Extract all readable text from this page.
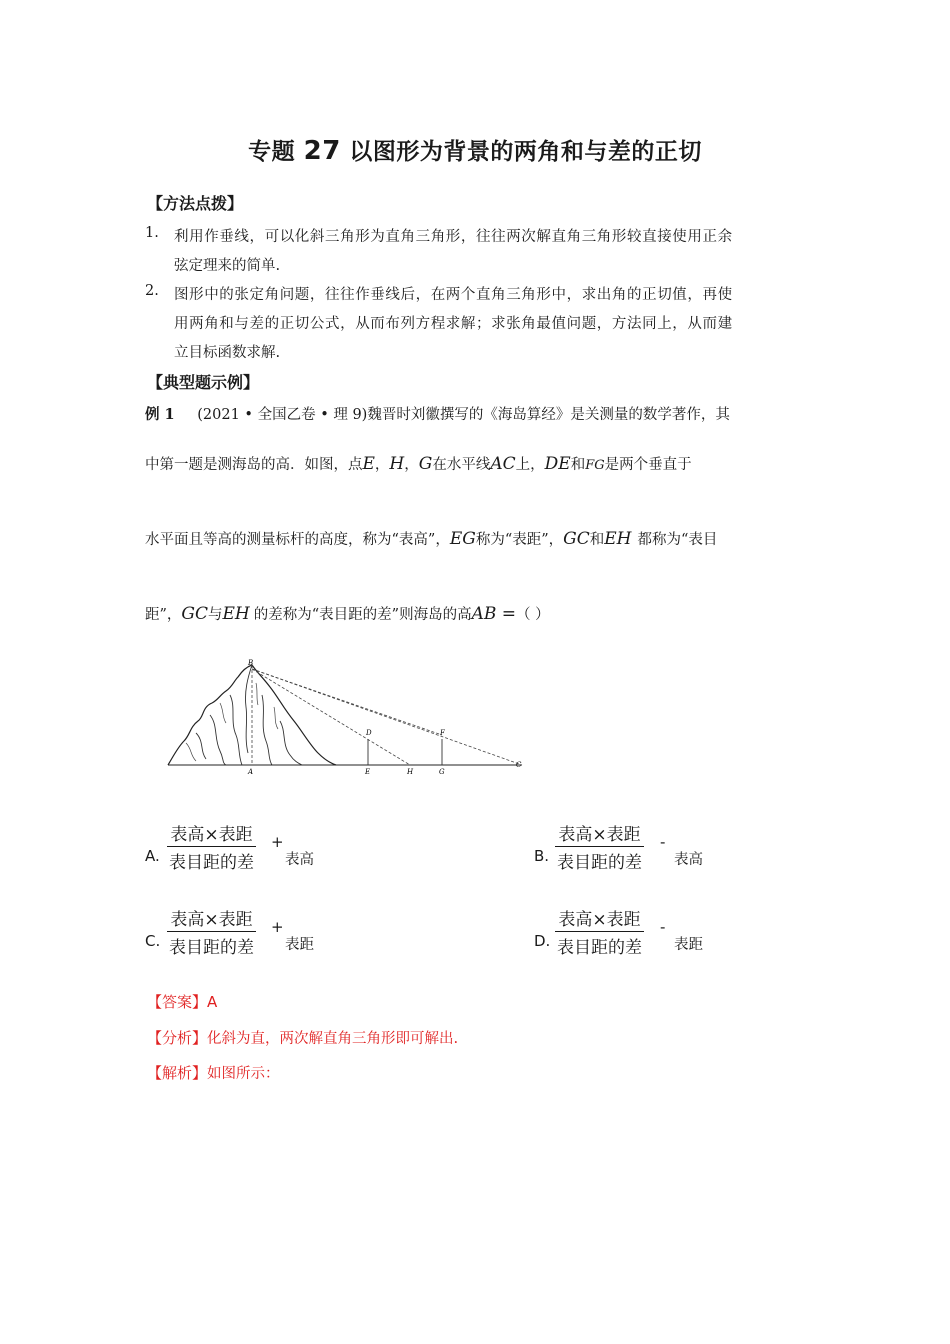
专题 27 以图形为背景的两角和与差的正切
【方法点拨】
1. 利用作垂线，可以化斜三角形为直角三角形，往往两次解直角三角形较直接使用正余
弦定理来的简单.
2. 图形中的张定角问题，往往作垂线后，在两个直角三角形中，求出角的正切值，再使
用两角和与差的正切公式，从而布列方程求解；求张角最值问题，方法同上，从而建
立目标函数求解.
【典型题示例】
例 1 (2021 • 全国乙卷 • 理 9)魏晋时刘徽撰写的《海岛算经》是关测量的数学著作，其
中第一题是测海岛的高．如图，点E，H，G在水平线AC上，DE和FG是两个垂直于
水平面且等高的测量标杆的高度，称为“表高”，EG称为“表距”，GC和EH 都称为“表目
距”，GC与EH 的差称为“表目距的差”则海岛的高AB =（ ）
B
D	F
A	E	H	G
C
A.
表高×表距
表目距的差
+
表高	B.
表高×表距
表目距的差
-
表高
C.
表高×表距
表目距的差
+
表距	D.
表高×表距
表目距的差
-
表距
【答案】A
【分析】化斜为直，两次解直角三角形即可解出.
【解析】如图所示：
